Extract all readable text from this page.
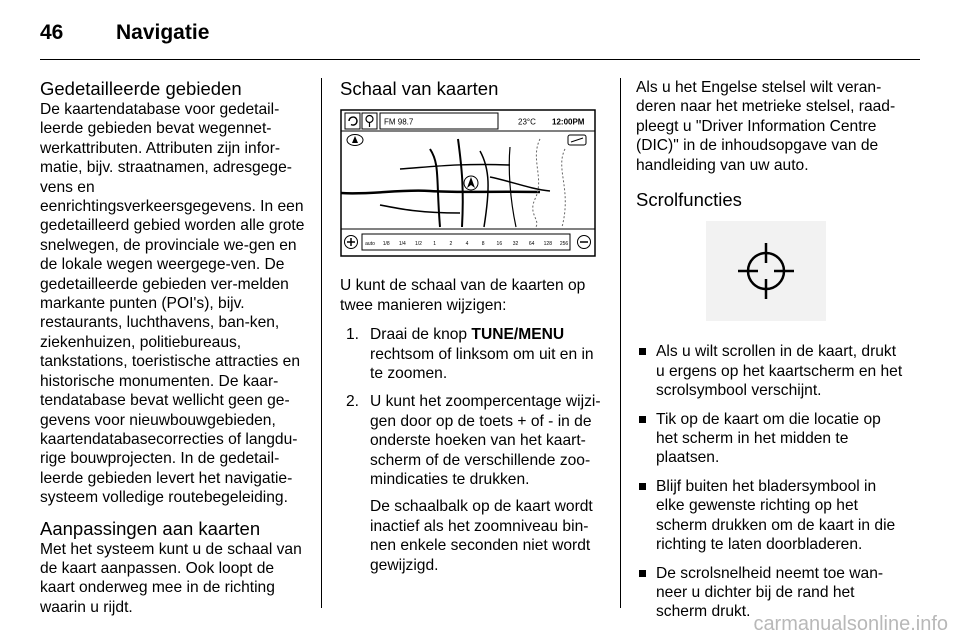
46	Navigatie
Gedetailleerde gebieden
De kaartendatabase voor gedetail-leerde gebieden bevat wegennet-werkattributen. Attributen zijn infor-matie, bijv. straatnamen, adresgege-vens en eenrichtingsverkeersgegevens. In een gedetailleerd gebied worden alle grote snelwegen, de provinciale we-gen en de lokale wegen weergege-ven. De gedetailleerde gebieden ver-melden markante punten (POI's), bijv. restaurants, luchthavens, ban-ken, ziekenhuizen, politiebureaus, tankstations, toeristische attracties en historische monumenten. De kaar-tendatabase bevat wellicht geen ge-gevens voor nieuwbouwgebieden, kaartendatabasecorrecties of langdu-rige bouwprojecten. In de gedetail-leerde gebieden levert het navigatie-systeem volledige routebegeleiding.
Aanpassingen aan kaarten
Met het systeem kunt u de schaal van de kaart aanpassen. Ook loopt de kaart onderweg mee in de richting waarin u rijdt.
Schaal van kaarten
FM 98.7	23°C 12:00PM
auto 1/8 1/4 1/2 1	2	4	8 16 32 64 128 256
U kunt de schaal van de kaarten op twee manieren wijzigen:
1. Draai de knop TUNE/MENU rechtsom of linksom om uit en in te zoomen.
2. U kunt het zoompercentage wijzi-gen door op de toets + of - in de onderste hoeken van het kaart-scherm of de verschillende zoo-mindicaties te drukken.
De schaalbalk op de kaart wordt inactief als het zoomniveau bin-nen enkele seconden niet wordt gewijzigd.
Als u het Engelse stelsel wilt veran-deren naar het metrieke stelsel, raad-pleegt u "Driver Information Centre (DIC)" in de inhoudsopgave van de handleiding van uw auto.
Scrolfuncties
Als u wilt scrollen in de kaart, drukt u ergens op het kaartscherm en het scrolsymbool verschijnt.
Tik op de kaart om die locatie op het scherm in het midden te plaatsen.
Blijf buiten het bladersymbool in elke gewenste richting op het scherm drukken om de kaart in die richting te laten doorbladeren.
De scrolsnelheid neemt toe wan-neer u dichter bij de rand het scherm drukt.
carmanualsonline.info
